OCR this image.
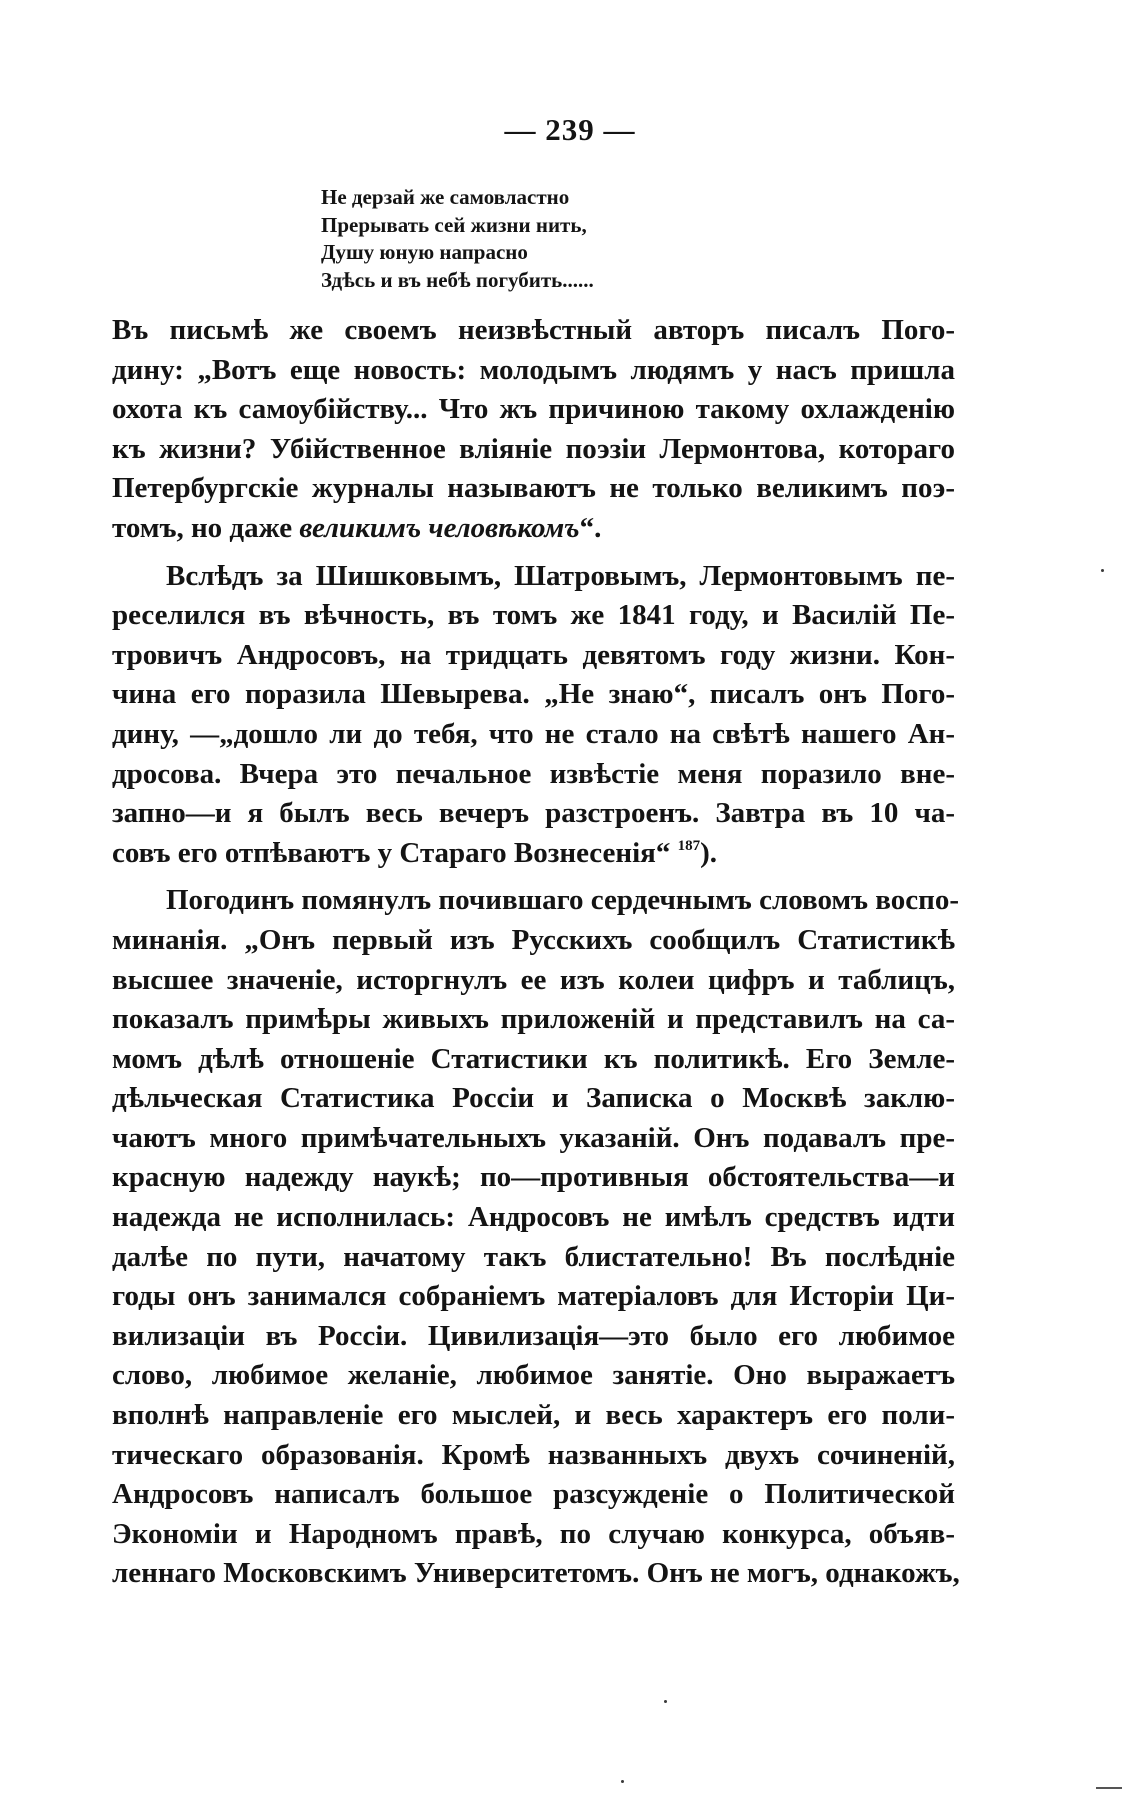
— 239 —
Не дерзай же самовластно
Прерывать сей жизни нить,
Душу юную напрасно
Здѣсь и въ небѣ погубить......
Въ письмѣ же своемъ неизвѣстный авторъ писалъ Пого-
дину: „Вотъ еще новость: молодымъ людямъ у насъ пришла
охота къ самоубійству... Что жъ причиною такому охлажденію
къ жизни? Убійственное вліяніе поэзіи Лермонтова, котораго
Петербургскіе журналы называютъ не только великимъ поэ-
томъ, но даже великимъ человѣкомъ“.
Вслѣдъ за Шишковымъ, Шатровымъ, Лермонтовымъ пе-
реселился въ вѣчность, въ томъ же 1841 году, и Василій Пе-
тровичъ Андросовъ, на тридцать девятомъ году жизни. Кон-
чина его поразила Шевырева. „Не знаю“, писалъ онъ Пого-
дину, —„дошло ли до тебя, что не стало на свѣтѣ нашего Ан-
дросова. Вчера это печальное извѣстіе меня поразило вне-
запно—и я былъ весь вечеръ разстроенъ. Завтра въ 10 ча-
совъ его отпѣваютъ у Стараго Вознесенія“ $^{187}$).
Погодинъ помянулъ почившаго сердечнымъ словомъ воспо-
минанія. „Онъ первый изъ Русскихъ сообщилъ Статистикѣ
высшее значеніе, исторгнулъ ее изъ колеи цифръ и таблицъ,
показалъ примѣры живыхъ приложеній и представилъ на са-
момъ дѣлѣ отношеніе Статистики къ политикѣ. Его Земле-
дѣльческая Статистика Россіи и Записка о Москвѣ заклю-
чаютъ много примѣчательныхъ указаній. Онъ подавалъ пре-
красную надежду наукѣ; по—противныя обстоятельства—и
надежда не исполнилась: Андросовъ не имѣлъ средствъ идти
далѣе по пути, начатому такъ блистательно! Въ послѣдніе
годы онъ занимался собраніемъ матеріаловъ для Исторіи Ци-
вилизаціи въ Россіи. Цивилизація—это было его любимое
слово, любимое желаніе, любимое занятіе. Оно выражаетъ
вполнѣ направленіе его мыслей, и весь характеръ его поли-
тическаго образованія. Кромѣ названныхъ двухъ сочиненій,
Андросовъ написалъ большое разсужденіе о Политической
Экономіи и Народномъ правѣ, по случаю конкурса, объяв-
леннаго Московскимъ Университетомъ. Онъ не могъ, однакожъ,
